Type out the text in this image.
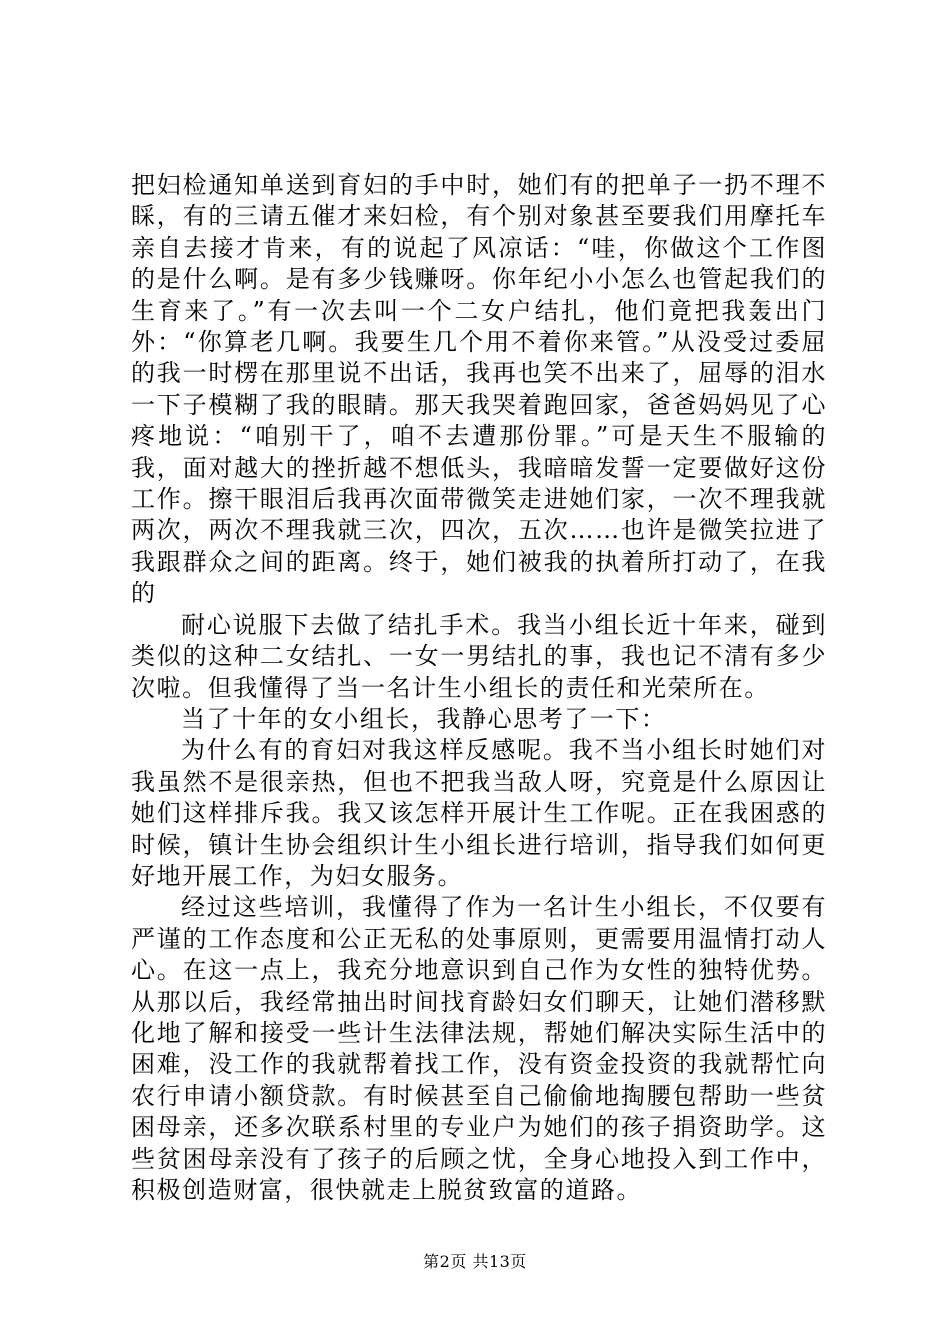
把妇检通知单送到育妇的手中时，她们有的把单子一扔不理不睬，有的三请五催才来妇检，有个别对象甚至要我们用摩托车亲自去接才肯来，有的说起了风凉话：“哇，你做这个工作图的是什么啊。是有多少钱赚呀。你年纪小小怎么也管起我们的生育来了。”有一次去叫一个二女户结扎，他们竟把我轰出门外：“你算老几啊。我要生几个用不着你来管。”从没受过委屈的我一时楞在那里说不出话，我再也笑不出来了，屈辱的泪水一下子模糊了我的眼睛。那天我哭着跑回家，爸爸妈妈见了心疼地说：“咱别干了，咱不去遭那份罪。”可是天生不服输的我，面对越大的挫折越不想低头，我暗暗发誓一定要做好这份工作。擦干眼泪后我再次面带微笑走进她们家，一次不理我就两次，两次不理我就三次，四次，五次……也许是微笑拉进了我跟群众之间的距离。终于，她们被我的执着所打动了，在我的

耐心说服下去做了结扎手术。我当小组长近十年来，碰到类似的这种二女结扎、一女一男结扎的事，我也记不清有多少次啦。但我懂得了当一名计生小组长的责任和光荣所在。

当了十年的女小组长，我静心思考了一下：

为什么有的育妇对我这样反感呢。我不当小组长时她们对我虽然不是很亲热，但也不把我当敌人呀，究竟是什么原因让她们这样排斥我。我又该怎样开展计生工作呢。正在我困惑的时候，镇计生协会组织计生小组长进行培训，指导我们如何更好地开展工作，为妇女服务。

经过这些培训，我懂得了作为一名计生小组长，不仅要有严谨的工作态度和公正无私的处事原则，更需要用温情打动人心。在这一点上，我充分地意识到自己作为女性的独特优势。从那以后，我经常抽出时间找育龄妇女们聊天，让她们潜移默化地了解和接受一些计生法律法规，帮她们解决实际生活中的困难，没工作的我就帮着找工作，没有资金投资的我就帮忙向农行申请小额贷款。有时候甚至自己偷偷地掏腰包帮助一些贫困母亲，还多次联系村里的专业户为她们的孩子捐资助学。这些贫困母亲没有了孩子的后顾之忧，全身心地投入到工作中，积极创造财富，很快就走上脱贫致富的道路。

第2页 共13页
